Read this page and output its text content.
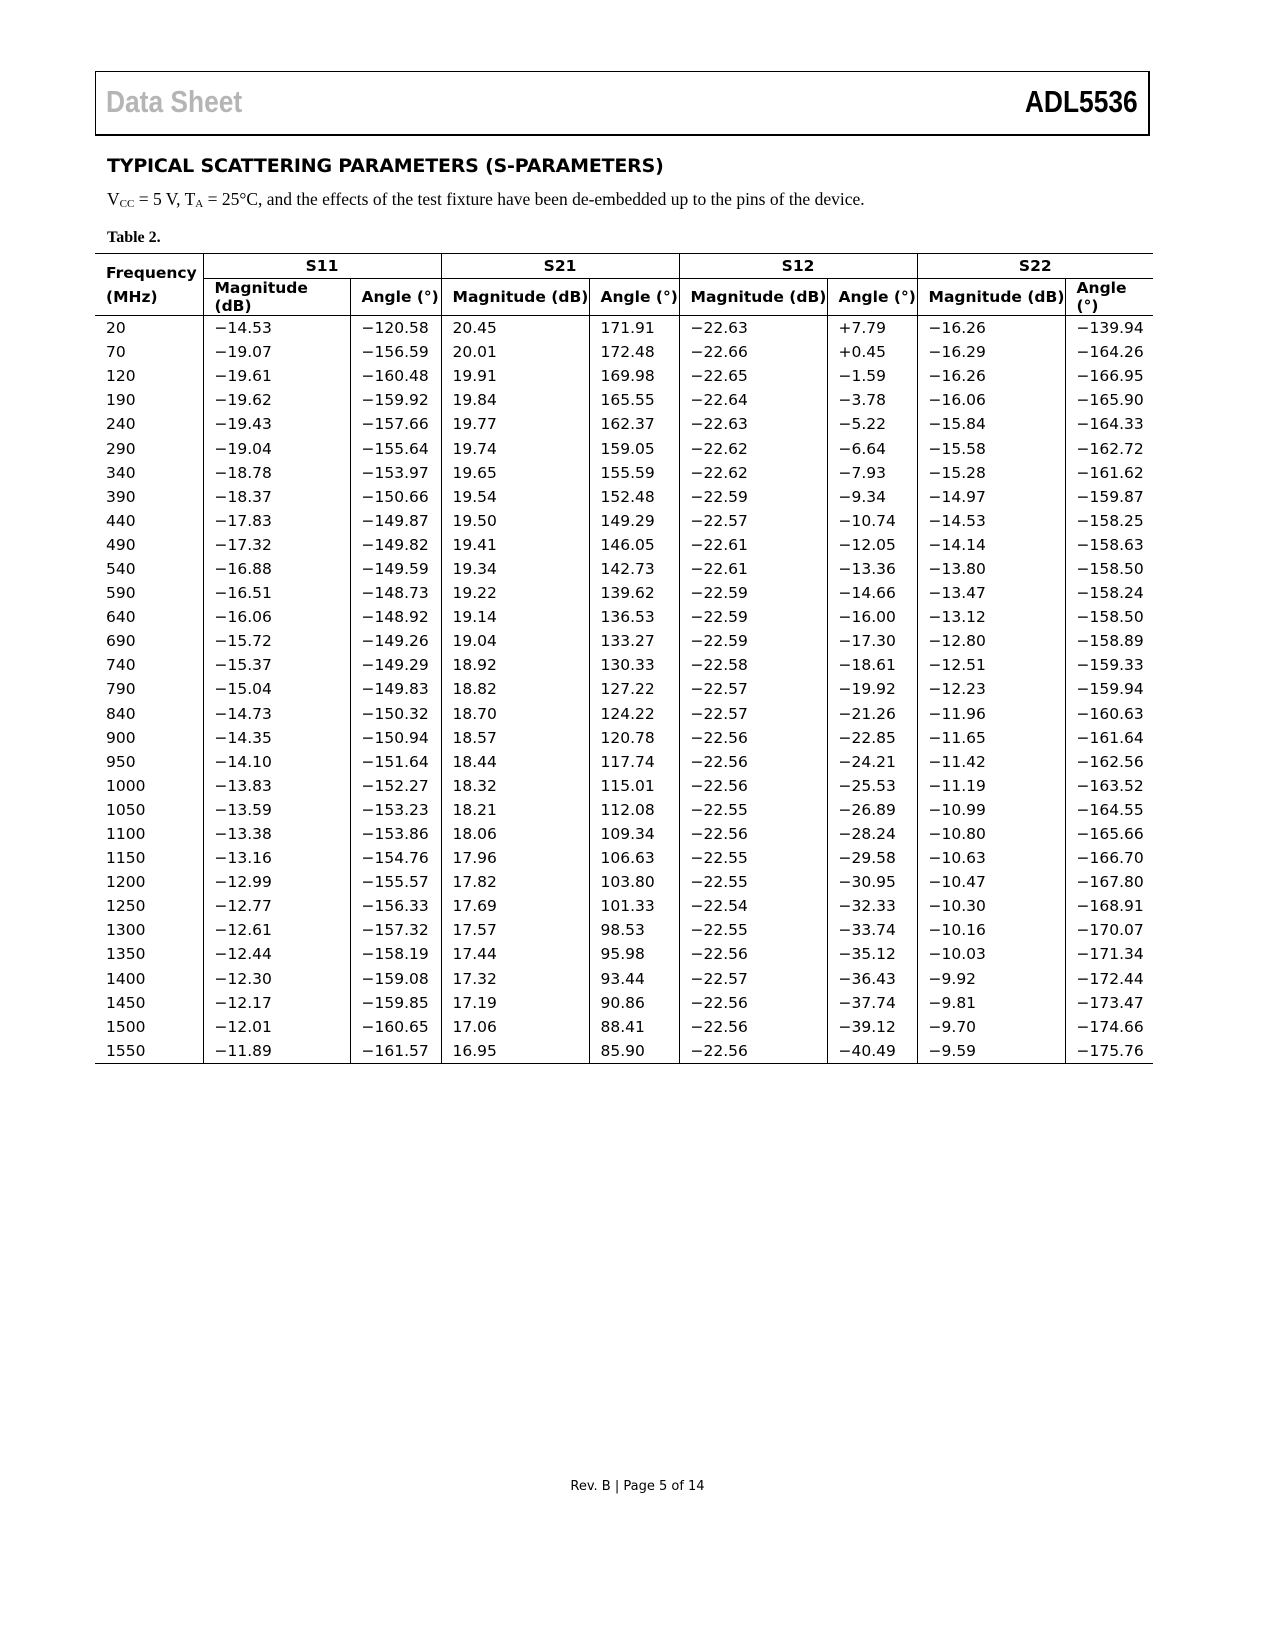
Data Sheet	ADL5536
TYPICAL SCATTERING PARAMETERS (S-PARAMETERS)
$V_{CC} = 5$ V, $T_A = 25^\circ C$, and the effects of the test fixture have been de-embedded up to the pins of the device.
Table 2.
Frequency
(MHz)	S11		S21		S12		S22	
	Magnitude (dB)	Angle (°)	Magnitude (dB)	Angle (°)	Magnitude (dB)	Angle (°)	Magnitude (dB)	Angle (°)
20	−14.53	−120.58	20.45	171.91	−22.63	+7.79	−16.26	−139.94
70	−19.07	−156.59	20.01	172.48	−22.66	+0.45	−16.29	−164.26
120	−19.61	−160.48	19.91	169.98	−22.65	−1.59	−16.26	−166.95
190	−19.62	−159.92	19.84	165.55	−22.64	−3.78	−16.06	−165.90
240	−19.43	−157.66	19.77	162.37	−22.63	−5.22	−15.84	−164.33
290	−19.04	−155.64	19.74	159.05	−22.62	−6.64	−15.58	−162.72
340	−18.78	−153.97	19.65	155.59	−22.62	−7.93	−15.28	−161.62
390	−18.37	−150.66	19.54	152.48	−22.59	−9.34	−14.97	−159.87
440	−17.83	−149.87	19.50	149.29	−22.57	−10.74	−14.53	−158.25
490	−17.32	−149.82	19.41	146.05	−22.61	−12.05	−14.14	−158.63
540	−16.88	−149.59	19.34	142.73	−22.61	−13.36	−13.80	−158.50
590	−16.51	−148.73	19.22	139.62	−22.59	−14.66	−13.47	−158.24
640	−16.06	−148.92	19.14	136.53	−22.59	−16.00	−13.12	−158.50
690	−15.72	−149.26	19.04	133.27	−22.59	−17.30	−12.80	−158.89
740	−15.37	−149.29	18.92	130.33	−22.58	−18.61	−12.51	−159.33
790	−15.04	−149.83	18.82	127.22	−22.57	−19.92	−12.23	−159.94
840	−14.73	−150.32	18.70	124.22	−22.57	−21.26	−11.96	−160.63
900	−14.35	−150.94	18.57	120.78	−22.56	−22.85	−11.65	−161.64
950	−14.10	−151.64	18.44	117.74	−22.56	−24.21	−11.42	−162.56
1000	−13.83	−152.27	18.32	115.01	−22.56	−25.53	−11.19	−163.52
1050	−13.59	−153.23	18.21	112.08	−22.55	−26.89	−10.99	−164.55
1100	−13.38	−153.86	18.06	109.34	−22.56	−28.24	−10.80	−165.66
1150	−13.16	−154.76	17.96	106.63	−22.55	−29.58	−10.63	−166.70
1200	−12.99	−155.57	17.82	103.80	−22.55	−30.95	−10.47	−167.80
1250	−12.77	−156.33	17.69	101.33	−22.54	−32.33	−10.30	−168.91
1300	−12.61	−157.32	17.57	98.53	−22.55	−33.74	−10.16	−170.07
1350	−12.44	−158.19	17.44	95.98	−22.56	−35.12	−10.03	−171.34
1400	−12.30	−159.08	17.32	93.44	−22.57	−36.43	−9.92	−172.44
1450	−12.17	−159.85	17.19	90.86	−22.56	−37.74	−9.81	−173.47
1500	−12.01	−160.65	17.06	88.41	−22.56	−39.12	−9.70	−174.66
1550	−11.89	−161.57	16.95	85.90	−22.56	−40.49	−9.59	−175.76
Rev. B | Page 5 of 14
